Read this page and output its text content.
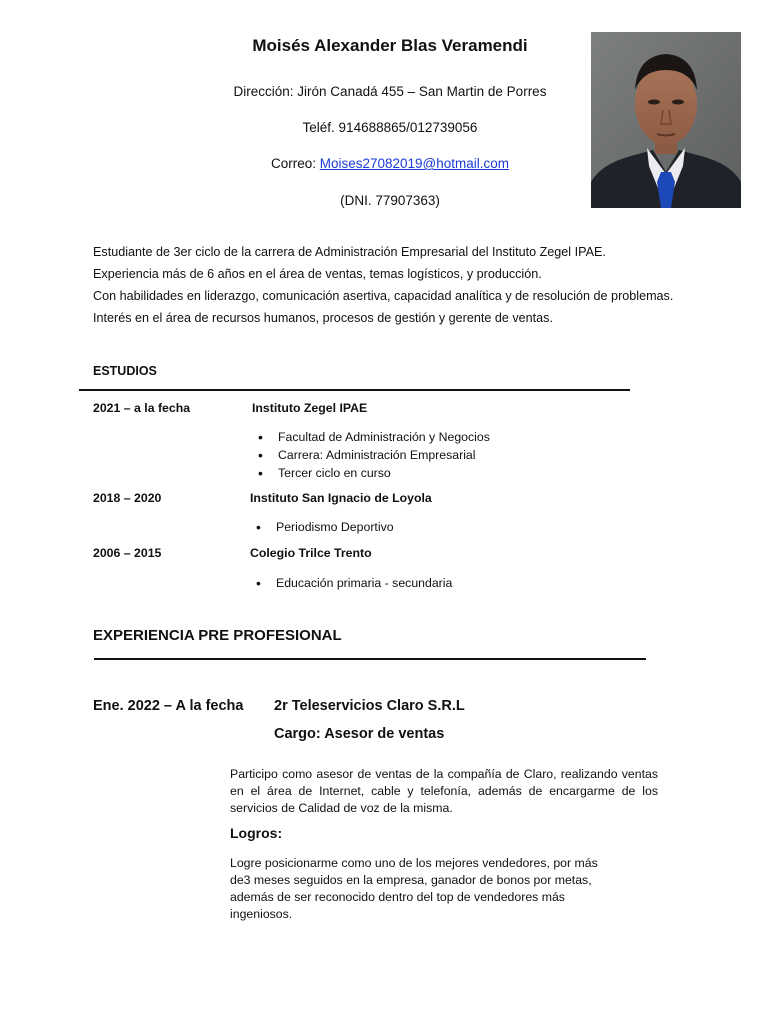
Moisés Alexander Blas Veramendi
Dirección: Jirón Canadá 455 – San Martin de Porres
Teléf. 914688865/012739056
Correo: Moises27082019@hotmail.com
(DNI. 77907363)
Estudiante de 3er ciclo de la carrera de Administración Empresarial del Instituto Zegel IPAE.
Experiencia más de 6 años en el área de ventas, temas logísticos, y producción.
Con habilidades en liderazgo, comunicación asertiva, capacidad analítica y de resolución de problemas.
Interés en el área de recursos humanos, procesos de gestión y gerente de ventas.
ESTUDIOS
2021 – a la fecha	Instituto Zegel IPAE
• Facultad de Administración y Negocios
• Carrera: Administración Empresarial
• Tercer ciclo en curso
2018 – 2020	Instituto San Ignacio de Loyola
• Periodismo Deportivo
2006 – 2015	Colegio Trilce Trento
• Educación primaria - secundaria
EXPERIENCIA PRE PROFESIONAL
Ene. 2022 – A la fecha 2r Teleservicios Claro S.R.L
Cargo: Asesor de ventas
Participo como asesor de ventas de la compañía de Claro, realizando ventas en el área de Internet, cable y telefonía, además de encargarme de los servicios de Calidad de voz de la misma.
Logros:
Logre posicionarme como uno de los mejores vendedores, por más
de3 meses seguidos en la empresa, ganador de bonos por metas,
además de ser reconocido dentro del top de vendedores más
ingeniosos.
